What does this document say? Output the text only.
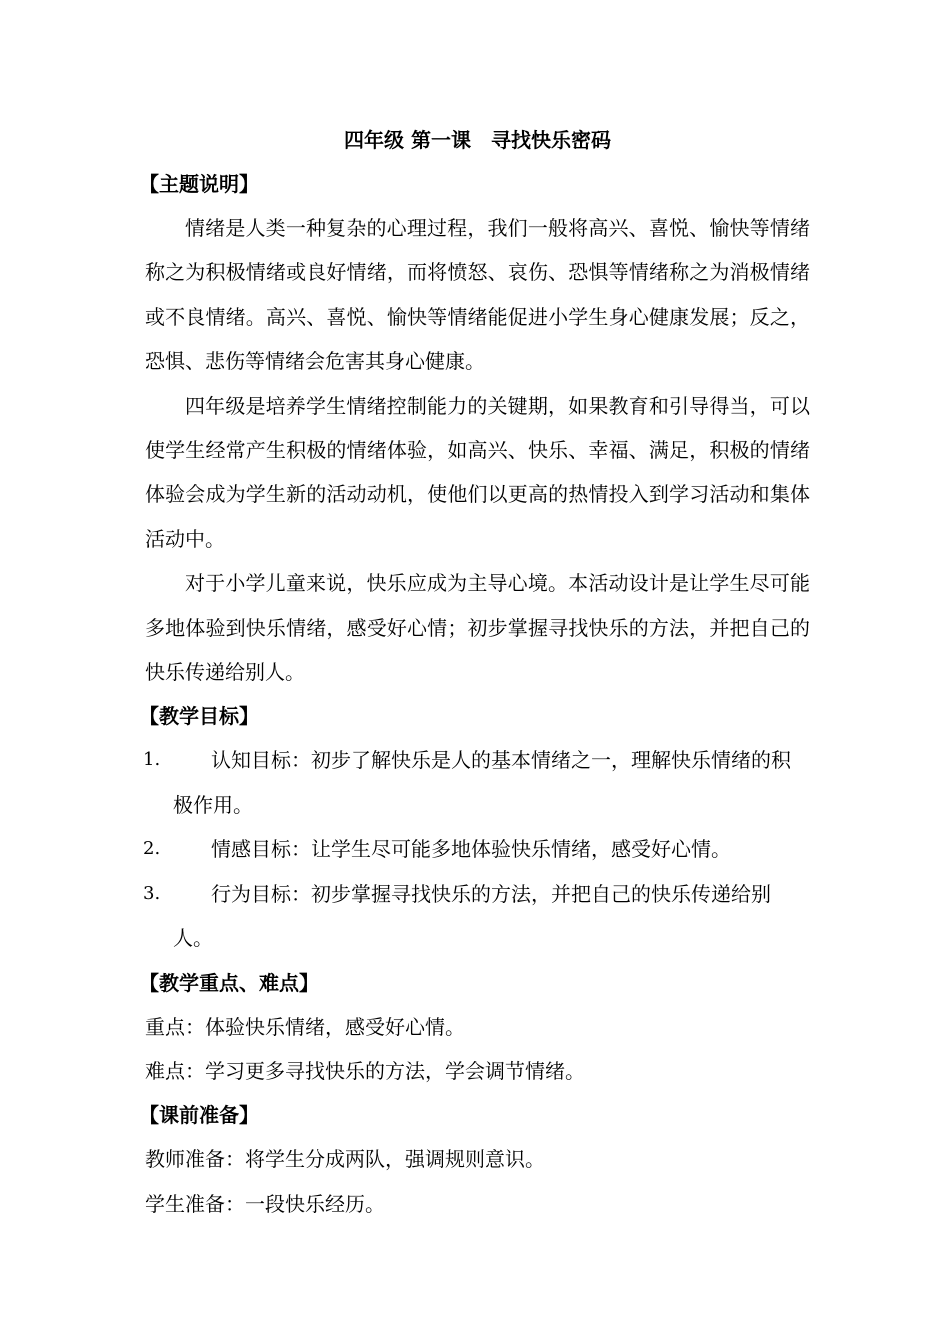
四年级 第一课　寻找快乐密码
【主题说明】

情绪是人类一种复杂的心理过程，我们一般将高兴、喜悦、愉快等情绪称之为积极情绪或良好情绪，而将愤怒、哀伤、恐惧等情绪称之为消极情绪或不良情绪。高兴、喜悦、愉快等情绪能促进小学生身心健康发展；反之，恐惧、悲伤等情绪会危害其身心健康。

四年级是培养学生情绪控制能力的关键期，如果教育和引导得当，可以使学生经常产生积极的情绪体验，如高兴、快乐、幸福、满足，积极的情绪体验会成为学生新的活动动机，使他们以更高的热情投入到学习活动和集体活动中。

对于小学儿童来说，快乐应成为主导心境。本活动设计是让学生尽可能多地体验到快乐情绪，感受好心情；初步掌握寻找快乐的方法，并把自己的快乐传递给别人。

【教学目标】

1.	认知目标：初步了解快乐是人的基本情绪之一，理解快乐情绪的积极作用。

2.	情感目标：让学生尽可能多地体验快乐情绪，感受好心情。

3.	行为目标：初步掌握寻找快乐的方法，并把自己的快乐传递给别人。

【教学重点、难点】

重点：体验快乐情绪，感受好心情。

难点：学习更多寻找快乐的方法，学会调节情绪。

【课前准备】

教师准备：将学生分成两队，强调规则意识。

学生准备：一段快乐经历。
